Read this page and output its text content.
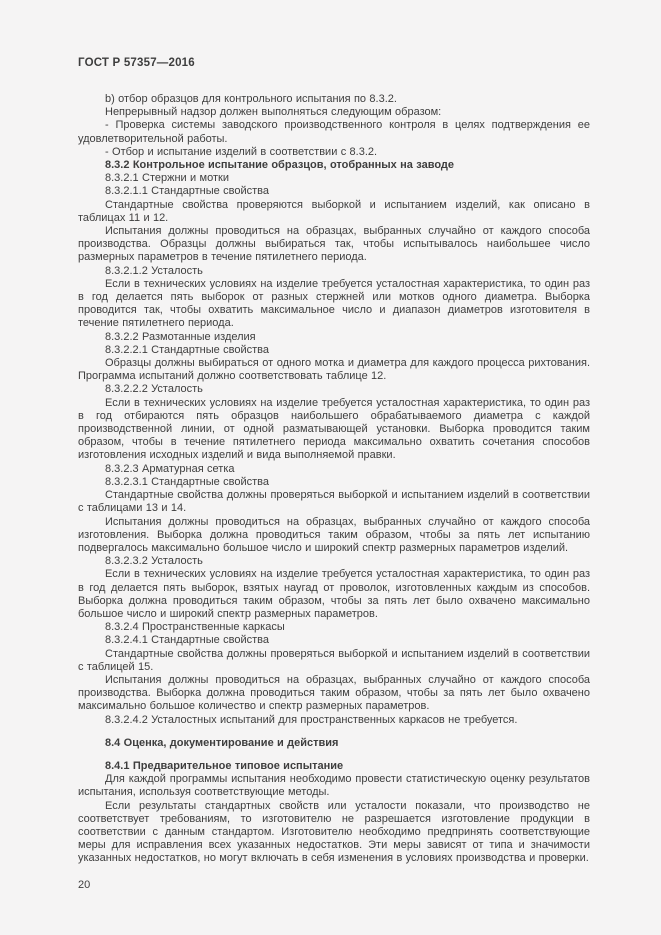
ГОСТ Р 57357—2016

b) отбор образцов для контрольного испытания по 8.3.2.

Непрерывный надзор должен выполняться следующим образом:

- Проверка системы заводского производственного контроля в целях подтверждения ее удовлетворительной работы.

- Отбор и испытание изделий в соответствии с 8.3.2.

8.3.2 Контрольное испытание образцов, отобранных на заводе

8.3.2.1 Стержни и мотки

8.3.2.1.1 Стандартные свойства

Стандартные свойства проверяются выборкой и испытанием изделий, как описано в таблицах 11 и 12.

Испытания должны проводиться на образцах, выбранных случайно от каждого способа производства. Образцы должны выбираться так, чтобы испытывалось наибольшее число размерных параметров в течение пятилетнего периода.

8.3.2.1.2 Усталость

Если в технических условиях на изделие требуется усталостная характеристика, то один раз в год делается пять выборок от разных стержней или мотков одного диаметра. Выборка проводится так, чтобы охватить максимальное число и диапазон диаметров изготовителя в течение пятилетнего периода.

8.3.2.2 Размотанные изделия

8.3.2.2.1 Стандартные свойства

Образцы должны выбираться от одного мотка и диаметра для каждого процесса рихтования. Программа испытаний должно соответствовать таблице 12.

8.3.2.2.2 Усталость

Если в технических условиях на изделие требуется усталостная характеристика, то один раз в год отбираются пять образцов наибольшего обрабатываемого диаметра с каждой производственной линии, от одной разматывающей установки. Выборка проводится таким образом, чтобы в течение пятилетнего периода максимально охватить сочетания способов изготовления исходных изделий и вида выполняемой правки.

8.3.2.3 Арматурная сетка

8.3.2.3.1 Стандартные свойства

Стандартные свойства должны проверяться выборкой и испытанием изделий в соответствии с таблицами 13 и 14.

Испытания должны проводиться на образцах, выбранных случайно от каждого способа изготовления. Выборка должна проводиться таким образом, чтобы за пять лет испытанию подвергалось максимально большое число и широкий спектр размерных параметров изделий.

8.3.2.3.2 Усталость

Если в технических условиях на изделие требуется усталостная характеристика, то один раз в год делается пять выборок, взятых наугад от проволок, изготовленных каждым из способов. Выборка должна проводиться таким образом, чтобы за пять лет было охвачено максимально большое число и широкий спектр размерных параметров.

8.3.2.4 Пространственные каркасы

8.3.2.4.1 Стандартные свойства

Стандартные свойства должны проверяться выборкой и испытанием изделий в соответствии с таблицей 15.

Испытания должны проводиться на образцах, выбранных случайно от каждого способа производства. Выборка должна проводиться таким образом, чтобы за пять лет было охвачено максимально большое количество и спектр размерных параметров.

8.3.2.4.2 Усталостных испытаний для пространственных каркасов не требуется.

8.4 Оценка, документирование и действия

8.4.1 Предварительное типовое испытание

Для каждой программы испытания необходимо провести статистическую оценку результатов испытания, используя соответствующие методы.

Если результаты стандартных свойств или усталости показали, что производство не соответствует требованиям, то изготовителю не разрешается изготовление продукции в соответствии с данным стандартом. Изготовителю необходимо предпринять соответствующие меры для исправления всех указанных недостатков. Эти меры зависят от типа и значимости указанных недостатков, но могут включать в себя изменения в условиях производства и проверки.

20
